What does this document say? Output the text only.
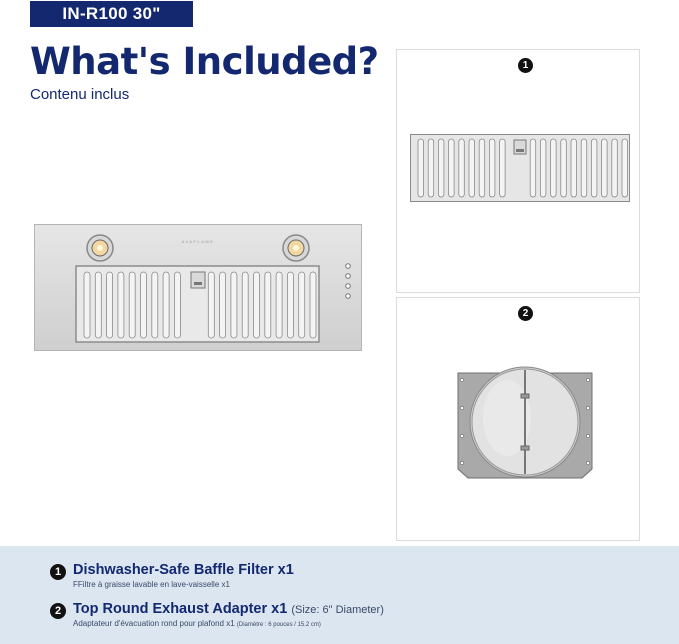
IN-R100 30"
What's Included?
Contenu inclus
AVAFLAME
1
2
1 Dishwasher-Safe Baffle Filter x1
FFiltre à graisse lavable en lave-vaisselle x1
2 Top Round Exhaust Adapter x1 (Size: 6" Diameter)
Adaptateur d'évacuation rond pour plafond x1 (Diamètre : 6 pouces / 15.2 cm)
